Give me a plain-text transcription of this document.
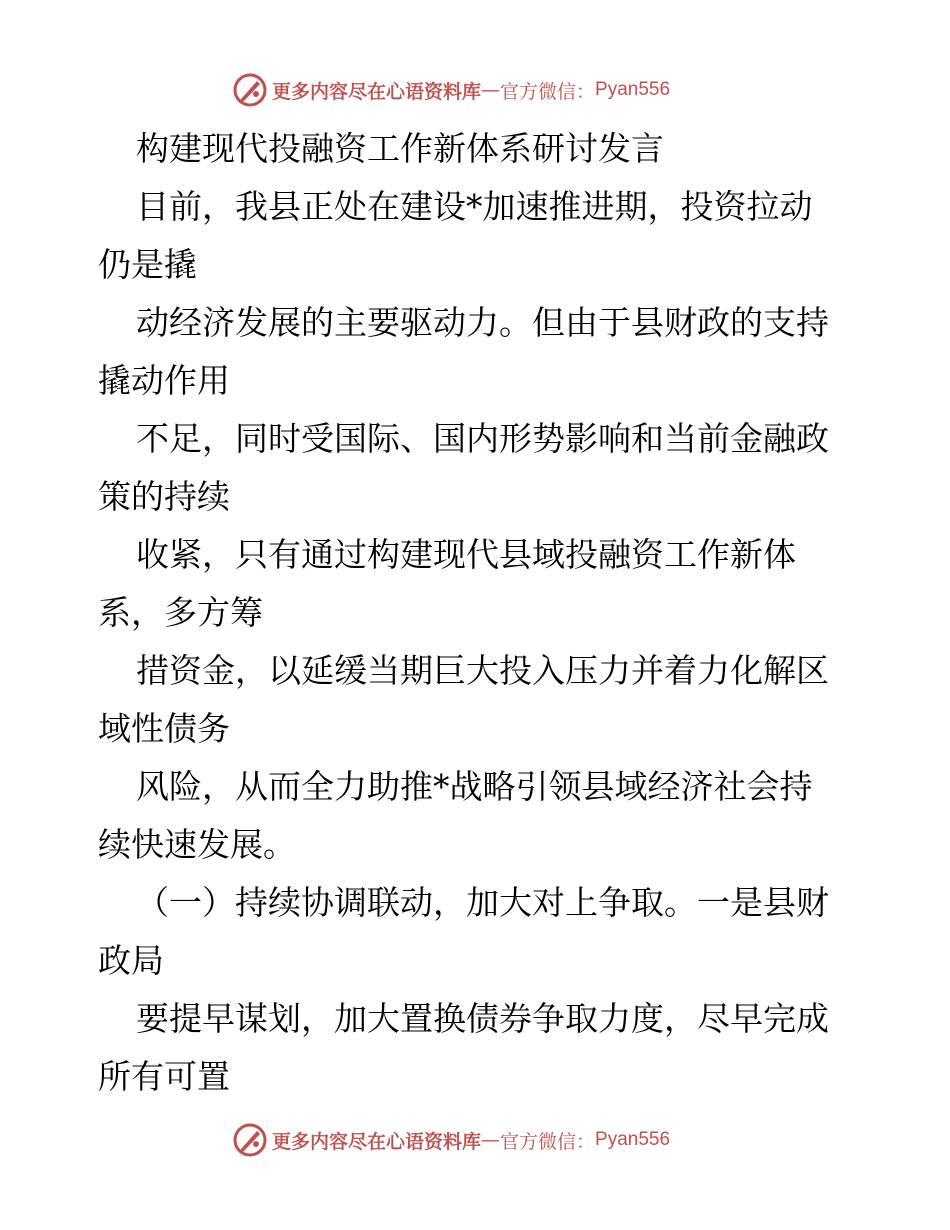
更多内容尽在心语资料库 — 官方微信： Pyan556
构建现代投融资工作新体系研讨发言
目前，我县正处在建设*加速推进期，投资拉动
仍是撬
动经济发展的主要驱动力。但由于县财政的支持
撬动作用
不足，同时受国际、国内形势影响和当前金融政
策的持续
收紧，只有通过构建现代县域投融资工作新体
系，多方筹
措资金，以延缓当期巨大投入压力并着力化解区
域性债务
风险，从而全力助推*战略引领县域经济社会持
续快速发展。
（一）持续协调联动，加大对上争取。一是县财
政局
要提早谋划，加大置换债券争取力度，尽早完成
所有可置
更多内容尽在心语资料库 — 官方微信： Pyan556
